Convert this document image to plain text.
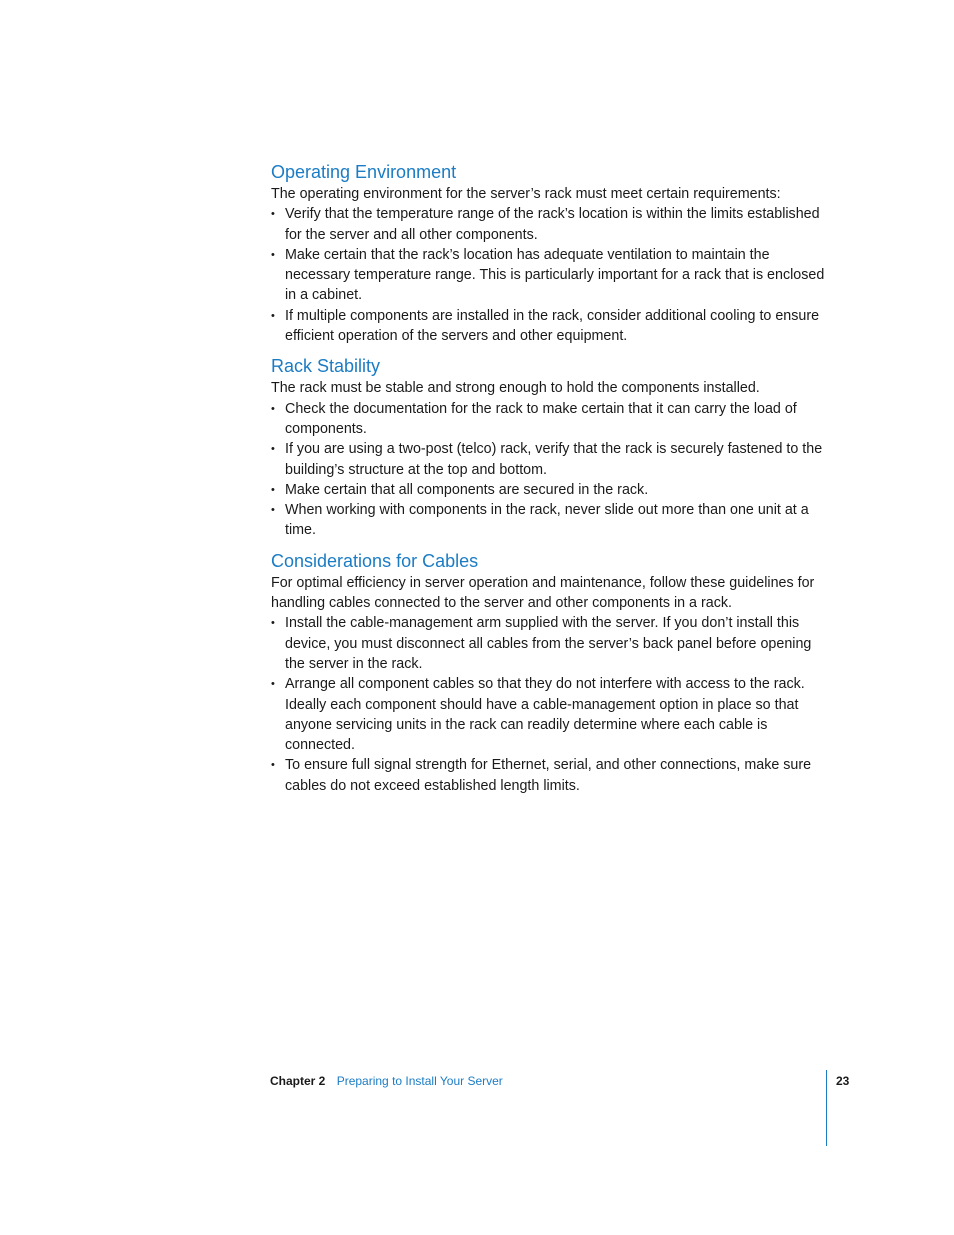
Operating Environment

The operating environment for the server’s rack must meet certain requirements:

• Verify that the temperature range of the rack’s location is within the limits established for the server and all other components.
• Make certain that the rack’s location has adequate ventilation to maintain the necessary temperature range. This is particularly important for a rack that is enclosed in a cabinet.
• If multiple components are installed in the rack, consider additional cooling to ensure efficient operation of the servers and other equipment.
Rack Stability

The rack must be stable and strong enough to hold the components installed.

• Check the documentation for the rack to make certain that it can carry the load of components.
• If you are using a two-post (telco) rack, verify that the rack is securely fastened to the building’s structure at the top and bottom.
• Make certain that all components are secured in the rack.
• When working with components in the rack, never slide out more than one unit at a time.
Considerations for Cables

For optimal efficiency in server operation and maintenance, follow these guidelines for handling cables connected to the server and other components in a rack.

• Install the cable-management arm supplied with the server. If you don’t install this device, you must disconnect all cables from the server’s back panel before opening the server in the rack.
• Arrange all component cables so that they do not interfere with access to the rack. Ideally each component should have a cable-management option in place so that anyone servicing units in the rack can readily determine where each cable is connected.
• To ensure full signal strength for Ethernet, serial, and other connections, make sure cables do not exceed established length limits.
Chapter 2 Preparing to Install Your Server	23
